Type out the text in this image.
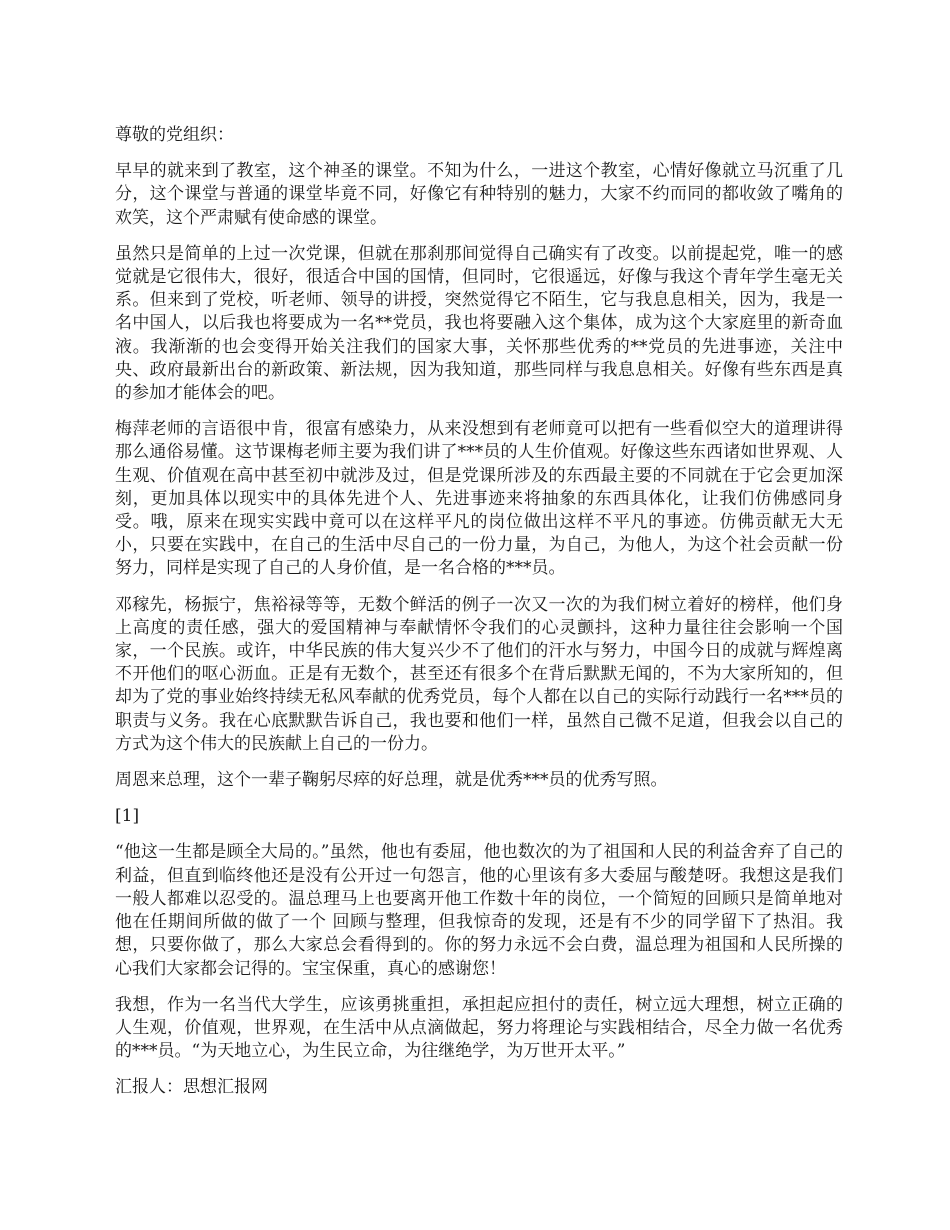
尊敬的党组织：

早早的就来到了教室，这个神圣的课堂。不知为什么，一进这个教室，心情好像就立马沉重了几分，这个课堂与普通的课堂毕竟不同，好像它有种特别的魅力，大家不约而同的都收敛了嘴角的欢笑，这个严肃赋有使命感的课堂。

虽然只是简单的上过一次党课，但就在那刹那间觉得自己确实有了改变。以前提起党，唯一的感觉就是它很伟大，很好，很适合中国的国情，但同时，它很遥远，好像与我这个青年学生毫无关系。但来到了党校，听老师、领导的讲授，突然觉得它不陌生，它与我息息相关，因为，我是一名中国人，以后我也将要成为一名**党员，我也将要融入这个集体，成为这个大家庭里的新奇血液。我渐渐的也会变得开始关注我们的国家大事，关怀那些优秀的**党员的先进事迹，关注中央、政府最新出台的新政策、新法规，因为我知道，那些同样与我息息相关。好像有些东西是真的参加才能体会的吧。

梅萍老师的言语很中肯，很富有感染力，从来没想到有老师竟可以把有一些看似空大的道理讲得那么通俗易懂。这节课梅老师主要为我们讲了***员的人生价值观。好像这些东西诸如世界观、人生观、价值观在高中甚至初中就涉及过，但是党课所涉及的东西最主要的不同就在于它会更加深刻，更加具体以现实中的具体先进个人、先进事迹来将抽象的东西具体化，让我们仿佛感同身受。哦，原来在现实实践中竟可以在这样平凡的岗位做出这样不平凡的事迹。仿佛贡献无大无小，只要在实践中，在自己的生活中尽自己的一份力量，为自己，为他人，为这个社会贡献一份努力，同样是实现了自己的人身价值，是一名合格的***员。

邓稼先，杨振宁，焦裕禄等等，无数个鲜活的例子一次又一次的为我们树立着好的榜样，他们身上高度的责任感，强大的爱国精神与奉献情怀令我们的心灵颤抖，这种力量往往会影响一个国家，一个民族。或许，中华民族的伟大复兴少不了他们的汗水与努力，中国今日的成就与辉煌离不开他们的呕心沥血。正是有无数个，甚至还有很多个在背后默默无闻的，不为大家所知的，但却为了党的事业始终持续无私风奉献的优秀党员，每个人都在以自己的实际行动践行一名***员的职责与义务。我在心底默默告诉自己，我也要和他们一样，虽然自己微不足道，但我会以自己的方式为这个伟大的民族献上自己的一份力。

周恩来总理，这个一辈子鞠躬尽瘁的好总理，就是优秀***员的优秀写照。

[1]

“他这一生都是顾全大局的。”虽然，他也有委屈，他也数次的为了祖国和人民的利益舍弃了自己的利益，但直到临终他还是没有公开过一句怨言，他的心里该有多大委屈与酸楚呀。我想这是我们一般人都难以忍受的。温总理马上也要离开他工作数十年的岗位，一个简短的回顾只是简单地对他在任期间所做的做了一个 回顾与整理，但我惊奇的发现，还是有不少的同学留下了热泪。我想，只要你做了，那么大家总会看得到的。你的努力永远不会白费，温总理为祖国和人民所操的心我们大家都会记得的。宝宝保重，真心的感谢您！

我想，作为一名当代大学生，应该勇挑重担，承担起应担付的责任，树立远大理想，树立正确的人生观，价值观，世界观，在生活中从点滴做起，努力将理论与实践相结合，尽全力做一名优秀的***员。“为天地立心，为生民立命，为往继绝学，为万世开太平。”

汇报人：思想汇报网
